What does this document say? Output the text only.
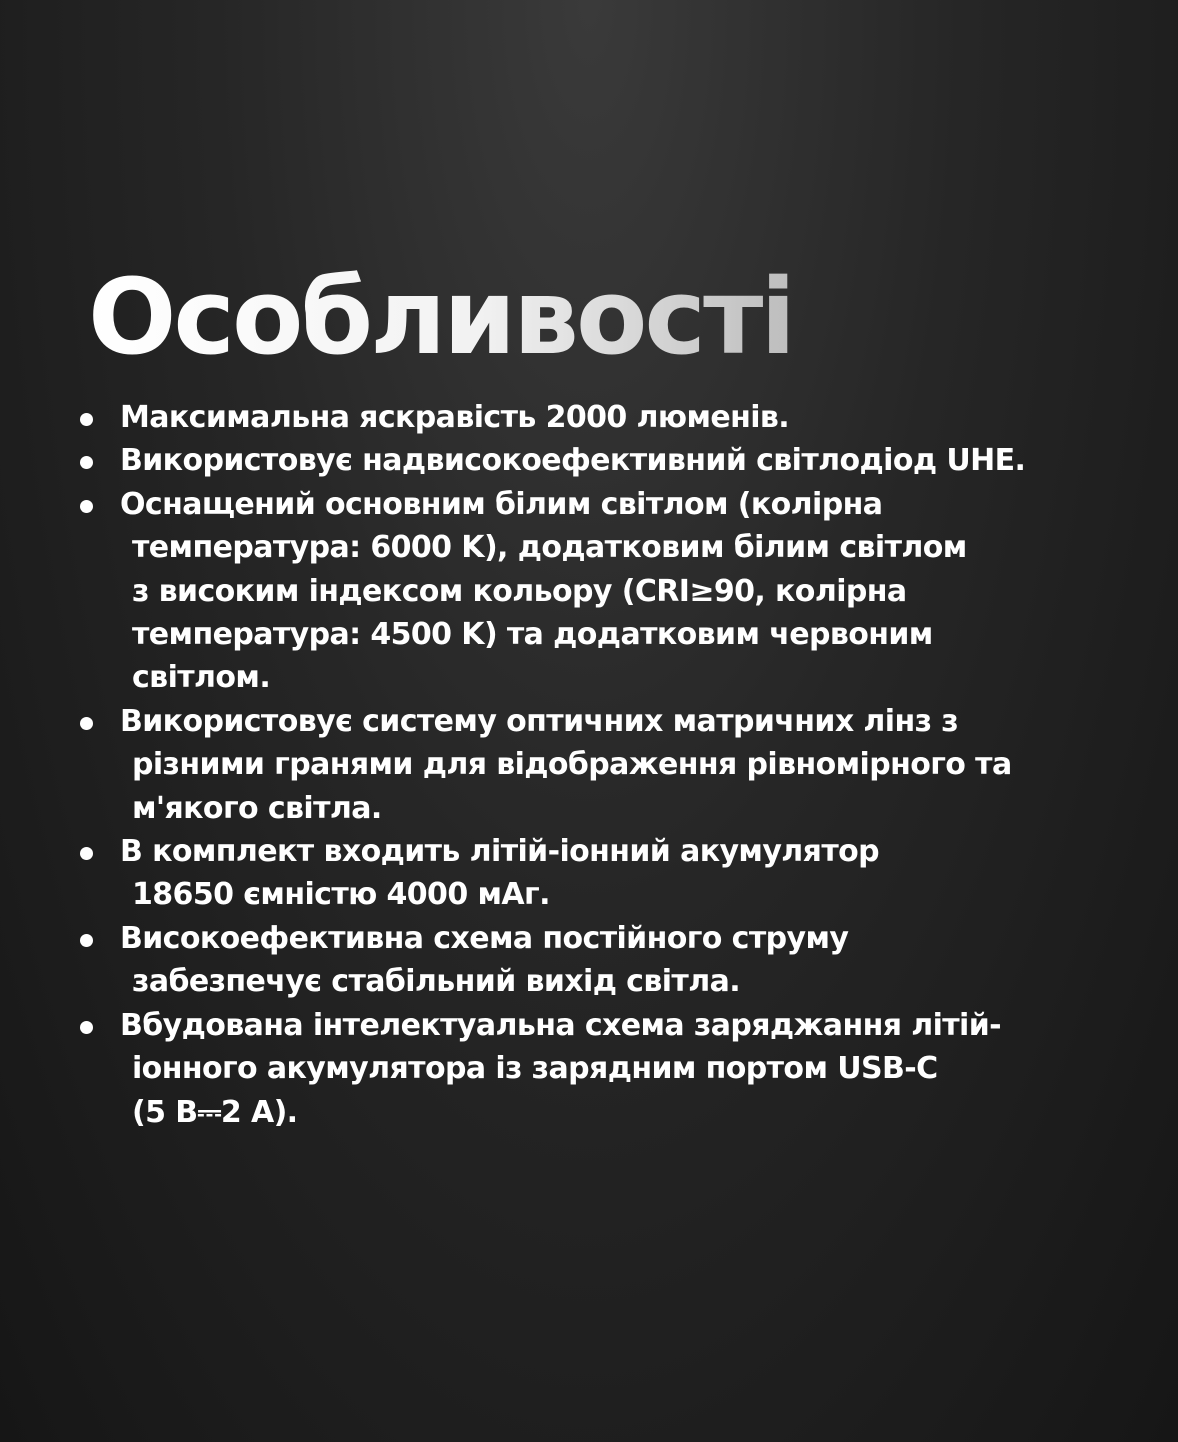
Особливості
Максимальна яскравість 2000 люменів.
Використовує надвисокоефективний світлодіод UHE.
Оснащений основним білим світлом (колірна
температура: 6000 K), додатковим білим світлом
з високим індексом кольору (CRI≥90, колірна
температура: 4500 K) та додатковим червоним
світлом.
Використовує систему оптичних матричних лінз з
різними гранями для відображення рівномірного та
м'якого світла.
В комплект входить літій-іонний акумулятор
18650 ємністю 4000 мАг.
Високоефективна схема постійного струму
забезпечує стабільний вихід світла.
Вбудована інтелектуальна схема заряджання літій-
іонного акумулятора із зарядним портом USB-C
(5 В⎓2 А).
